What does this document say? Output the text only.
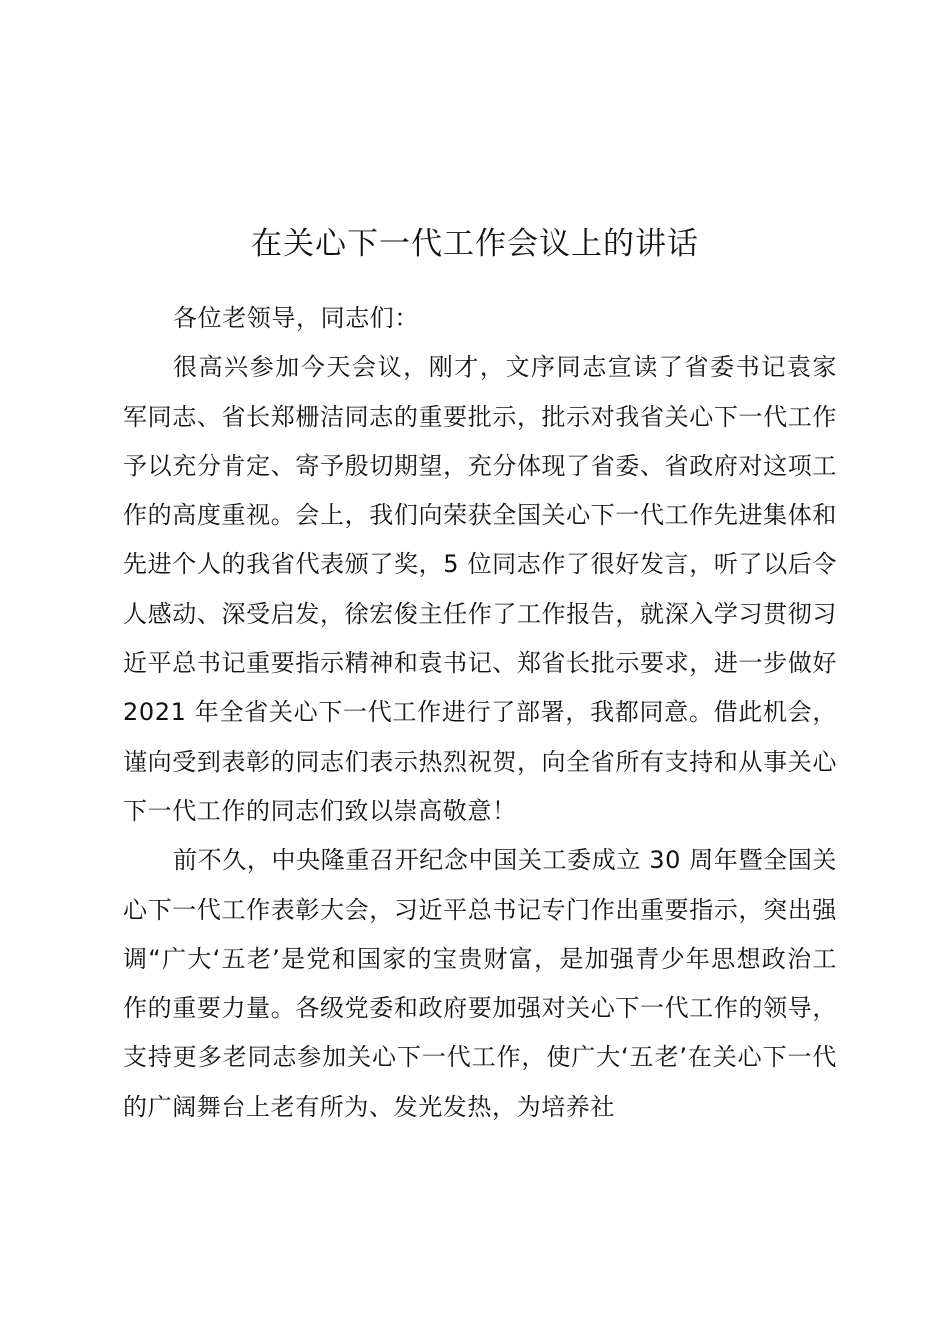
在关心下一代工作会议上的讲话

各位老领导，同志们：

很高兴参加今天会议，刚才，文序同志宣读了省委书记袁家军同志、省长郑栅洁同志的重要批示，批示对我省关心下一代工作予以充分肯定、寄予殷切期望，充分体现了省委、省政府对这项工作的高度重视。会上，我们向荣获全国关心下一代工作先进集体和先进个人的我省代表颁了奖，5 位同志作了很好发言，听了以后令人感动、深受启发，徐宏俊主任作了工作报告，就深入学习贯彻习近平总书记重要指示精神和袁书记、郑省长批示要求，进一步做好 2021 年全省关心下一代工作进行了部署，我都同意。借此机会，谨向受到表彰的同志们表示热烈祝贺，向全省所有支持和从事关心下一代工作的同志们致以崇高敬意！

前不久，中央隆重召开纪念中国关工委成立 30 周年暨全国关心下一代工作表彰大会，习近平总书记专门作出重要指示，突出强调“广大‘五老’是党和国家的宝贵财富，是加强青少年思想政治工作的重要力量。各级党委和政府要加强对关心下一代工作的领导，支持更多老同志参加关心下一代工作，使广大‘五老’在关心下一代的广阔舞台上老有所为、发光发热，为培养社
